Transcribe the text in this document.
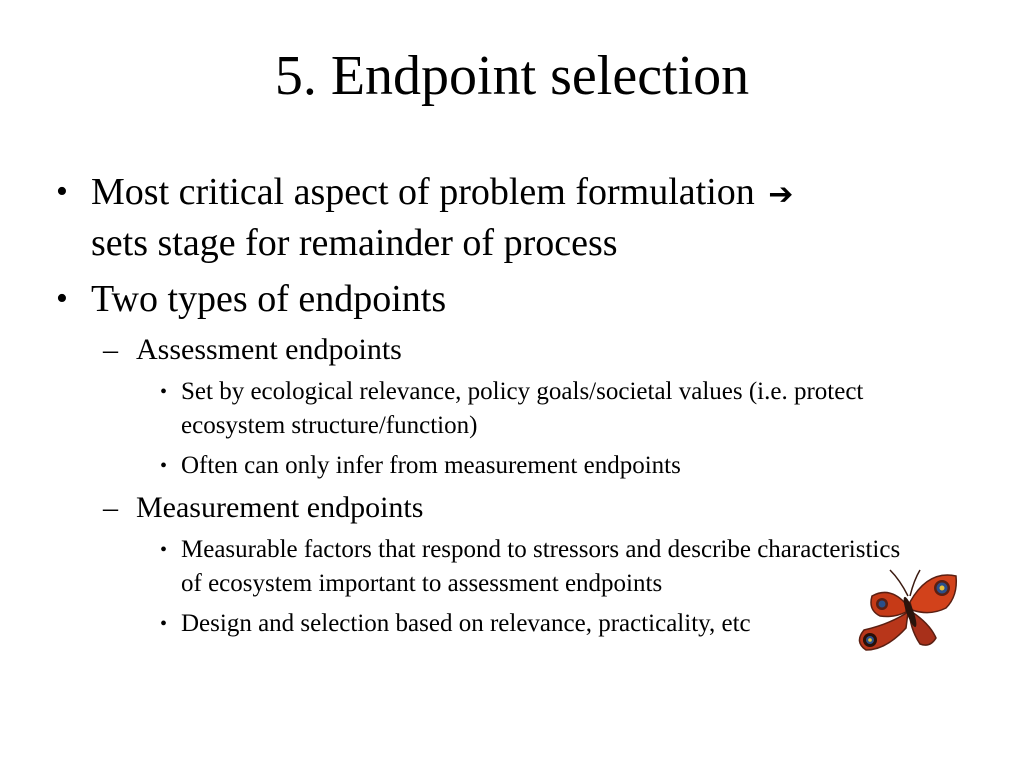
5. Endpoint selection
• Most critical aspect of problem formulation ➔
sets stage for remainder of process
• Two types of endpoints
– Assessment endpoints
• Set by ecological relevance, policy goals/societal values (i.e. protect ecosystem structure/function)
• Often can only infer from measurement endpoints
– Measurement endpoints
• Measurable factors that respond to stressors and describe characteristics of ecosystem important to assessment endpoints
• Design and selection based on relevance, practicality, etc
